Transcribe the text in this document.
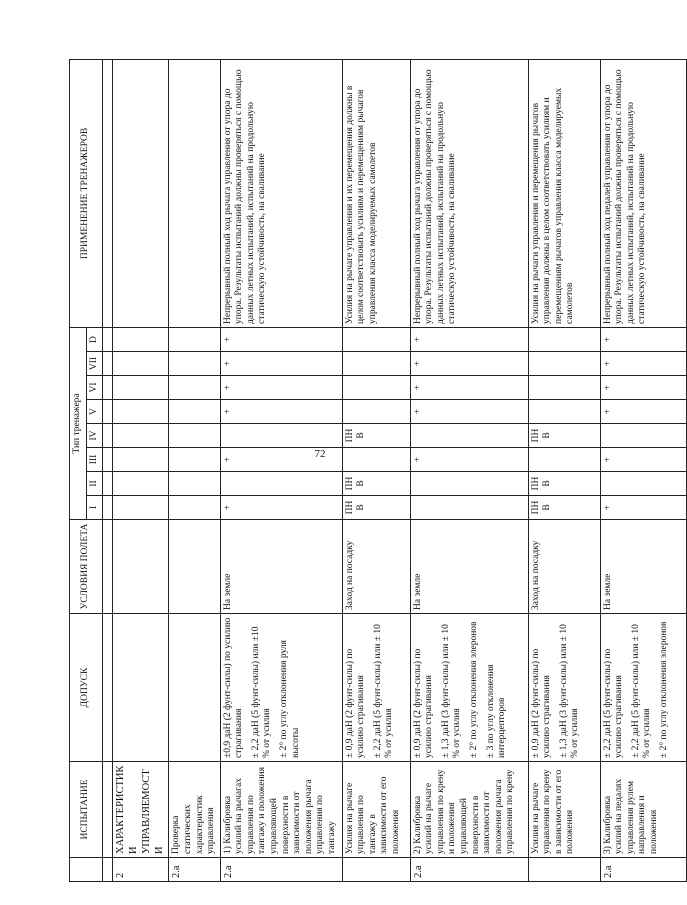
72
	ИСПЫТАНИЕ	ДОПУСК	УСЛОВИЯ ПОЛЕТА	Тип тренажера								ПРИМЕНЕНИЕ ТРЕНАЖЕРОВ
				I	II	III	IV	V	VI	VII	D	

2	ХАРАКТЕРИСТИКИ УПРАВЛЯЕМОСТИ											
2.a	Проверка статических характеристик управления											
2.a	1) Калибровка усилий на рычагах управления по тангажу и положения управляющей поверхности в зависимости от положения рычага управления по тангажу	±0,9 даН (2 фунт-силы) по усилию страгивания ± 2,2 даН (5 фунт-силы) или ±10 % от усилия ± 2° по углу отклонения руля высоты	На земле	+		+		+	+	+	+	Непрерывный полный ход рычага управления от упора до упора. Результаты испытаний должны проверяться с помощью данных летных испытаний, испытаний на продольную статическую устойчивость, на сваливание
	Усилия на рычаге управления по тангажу в зависимости от его положения	± 0,9 даН (2 фунт-силы) по усилию страгивания ± 2,2 даН (5 фунт-силы) или ± 10 % от усилия	Заход на посадку	ПНВ	ПНВ		ПНВ					Усилия на рычаге управления и их перемещения должны в целом соответствовать усилиям и перемещениям рычагов управления класса моделируемых самолетов
2.a	2) Калибровка усилий на рычаге управления по крену и положения управляющей поверхности в зависимости от положения рычага управления по крену	± 0,9 даН (2 фунт-силы) по усилию страгивания ± 1,3 даН (3 фунт-силы) или ± 10 % от усилия ± 2° по углу отклонения элеронов ± 3 по углу отклонения интерцепторов	На земле			+		+	+	+	+	Непрерывный полный ход рычага управления от упора до упора. Результаты испытаний должны проверяться с помощью данных летных испытаний, испытаний на продольную статическую устойчивость, на сваливание
	Усилия на рычаге управления по крену в зависимости от его положения	± 0,9 даН (2 фунт-силы) по усилию страгивания ± 1,3 даН (3 фунт-силы) или ± 10 % от усилия	Заход на посадку	ПНВ	ПНВ		ПНВ					Усилия на рычаги управления и перемещения рычагов управления должны в целом соответствовать усилиям и перемещениям рычагов управления класса моделируемых самолетов
2.a	3) Калибровка усилий на педалях управления рулем направления и положения	± 2,2 даН (5 фунт-силы) по усилию страгивания ± 2,2 даН (5 фунт-силы) или ± 10 % от усилия ± 2° по углу отклонения элеронов	На земле	+		+		+	+	+	+	Непрерывный полный ход педалей управления от упора до упора. Результаты испытаний должны проверяться с помощью данных летных испытаний, испытаний на продольную статическую устойчивость, на сваливание
